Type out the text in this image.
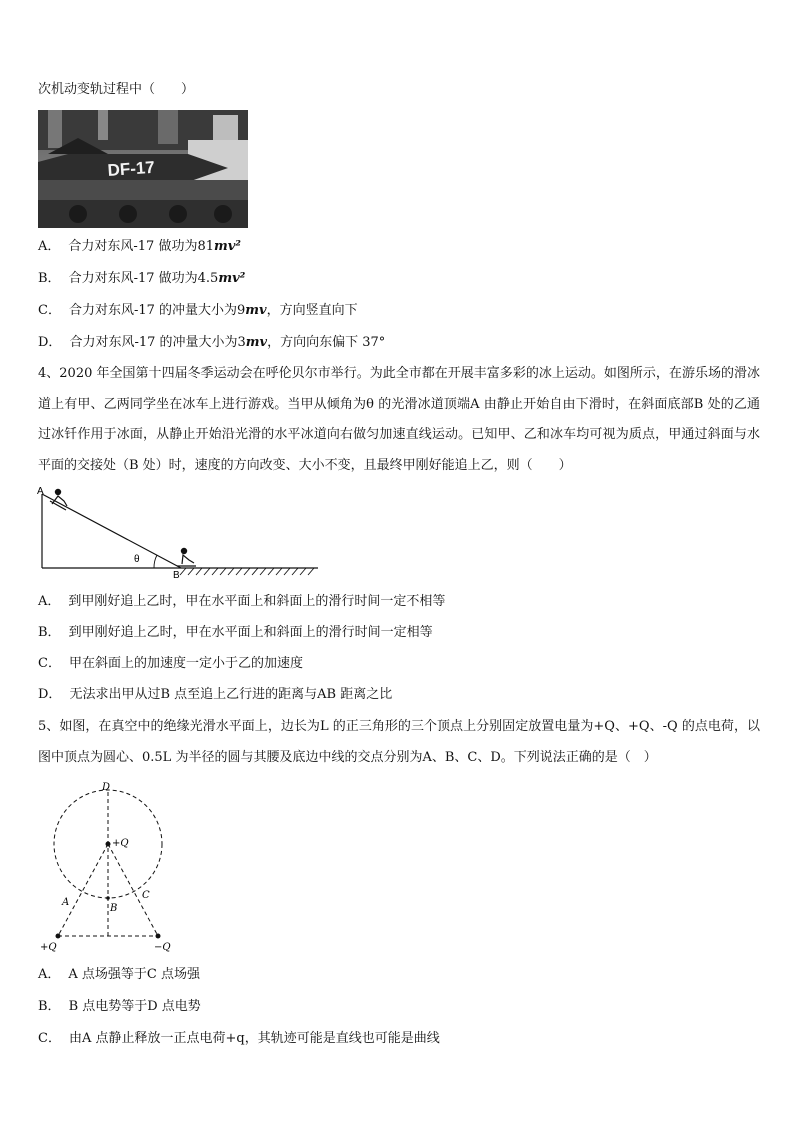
次机动变轨过程中（　　）
DF-17
A． 合力对东风-17 做功为81mv²
B． 合力对东风-17 做功为4.5mv²
C． 合力对东风-17 的冲量大小为9mv，方向竖直向下
D． 合力对东风-17 的冲量大小为3mv，方向向东偏下 37°
4、2020 年全国第十四届冬季运动会在呼伦贝尔市举行。为此全市都在开展丰富多彩的冰上运动。如图所示，在游乐场的滑冰道上有甲、乙两同学坐在冰车上进行游戏。当甲从倾角为θ 的光滑冰道顶端A 由静止开始自由下滑时，在斜面底部B 处的乙通过冰钎作用于冰面，从静止开始沿光滑的水平冰道向右做匀加速直线运动。已知甲、乙和冰车均可视为质点，甲通过斜面与水平面的交接处（B 处）时，速度的方向改变、大小不变，且最终甲刚好能追上乙，则（　　）
A
B
θ
A． 到甲刚好追上乙时，甲在水平面上和斜面上的滑行时间一定不相等
B． 到甲刚好追上乙时，甲在水平面上和斜面上的滑行时间一定相等
C． 甲在斜面上的加速度一定小于乙的加速度
D． 无法求出甲从过B 点至追上乙行进的距离与AB 距离之比
5、如图，在真空中的绝缘光滑水平面上，边长为L 的正三角形的三个顶点上分别固定放置电量为+Q、+Q、-Q 的点电荷，以图中顶点为圆心、0.5L 为半径的圆与其腰及底边中线的交点分别为A、B、C、D。下列说法正确的是（　）
D
+Q
A
B
C
+Q	−Q
A． A 点场强等于C 点场强
B． B 点电势等于D 点电势
C． 由A 点静止释放一正点电荷+q，其轨迹可能是直线也可能是曲线
